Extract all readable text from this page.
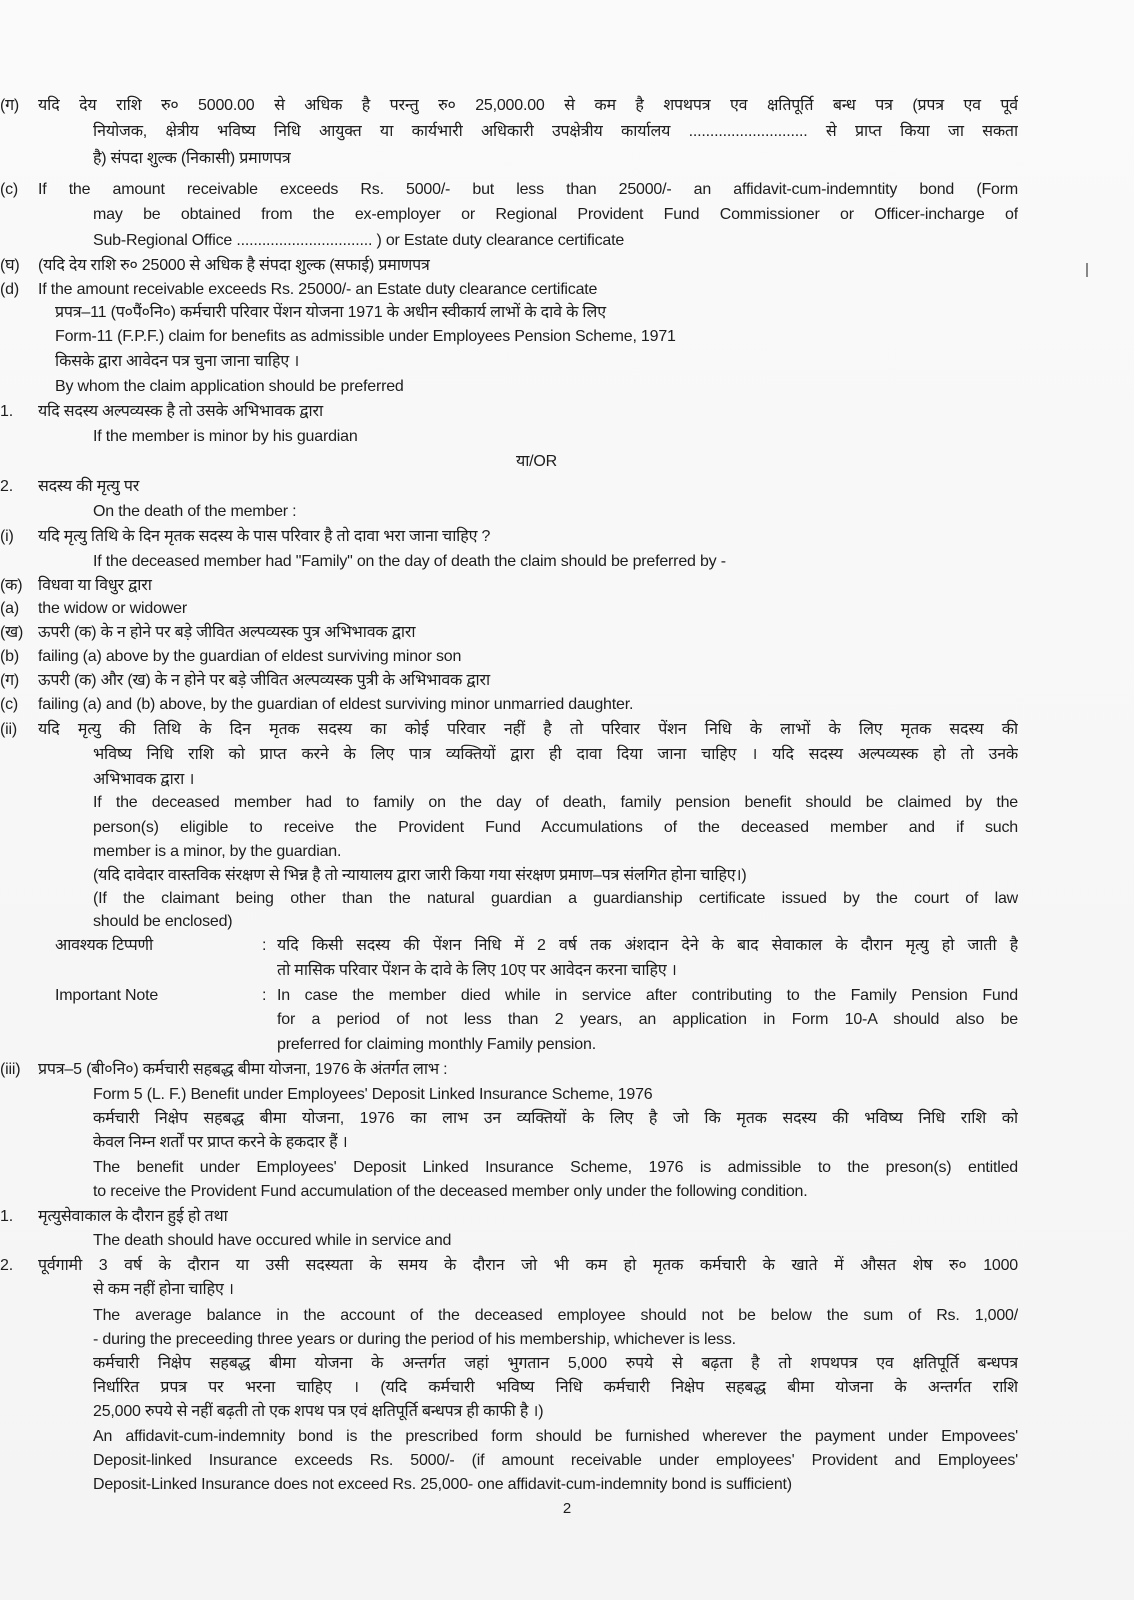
(ग) यदि देय राशि रु० 5000.00 से अधिक है परन्तु रु० 25,000.00 से कम है शपथपत्र एव क्षतिपूर्ति बन्ध पत्र (प्रपत्र एव पूर्व
नियोजक, क्षेत्रीय भविष्य निधि आयुक्त या कार्यभारी अधिकारी उपक्षेत्रीय कार्यालय ............................ से प्राप्त किया जा सकता
है) संपदा शुल्क (निकासी) प्रमाणपत्र
(c) If the amount receivable exceeds Rs. 5000/- but less than 25000/- an affidavit-cum-indemntity bond (Form
may be obtained from the ex-employer or Regional Provident Fund Commissioner or Officer-incharge of
Sub-Regional Office ................................ ) or Estate duty clearance certificate
(घ) (यदि देय राशि रु० 25000 से अधिक है संपदा शुल्क (सफाई) प्रमाणपत्र
(d) If the amount receivable exceeds Rs. 25000/- an Estate duty clearance certificate
प्रपत्र–11 (प०पैं०नि०) कर्मचारी परिवार पेंशन योजना 1971 के अधीन स्वीकार्य लाभों के दावे के लिए
Form-11 (F.P.F.) claim for benefits as admissible under Employees Pension Scheme, 1971
किसके द्वारा आवेदन पत्र चुना जाना चाहिए ।
By whom the claim application should be preferred
1. यदि सदस्य अल्पव्यस्क है तो उसके अभिभावक द्वारा
If the member is minor by his guardian
या/OR
2. सदस्य की मृत्यु पर
On the death of the member :
(i) यदि मृत्यु तिथि के दिन मृतक सदस्य के पास परिवार है तो दावा भरा जाना चाहिए ?
If the deceased member had "Family" on the day of death the claim should be preferred by -
(क) विधवा या विधुर द्वारा
(a) the widow or widower
(ख) ऊपरी (क) के न होने पर बड़े जीवित अल्पव्यस्क पुत्र अभिभावक द्वारा
(b) failing (a) above by the guardian of eldest surviving minor son
(ग) ऊपरी (क) और (ख) के न होने पर बड़े जीवित अल्पव्यस्क पुत्री के अभिभावक द्वारा
(c) failing (a) and (b) above, by the guardian of eldest surviving minor unmarried daughter.
(ii) यदि मृत्यु की तिथि के दिन मृतक सदस्य का कोई परिवार नहीं है तो परिवार पेंशन निधि के लाभों के लिए मृतक सदस्य की
भविष्य निधि राशि को प्राप्त करने के लिए पात्र व्यक्तियों द्वारा ही दावा दिया जाना चाहिए । यदि सदस्य अल्पव्यस्क हो तो उनके
अभिभावक द्वारा ।
If the deceased member had to family on the day of death, family pension benefit should be claimed by the
person(s) eligible to receive the Provident Fund Accumulations of the deceased member and if such
member is a minor, by the guardian.
(यदि दावेदार वास्तविक संरक्षण से भिन्न है तो न्यायालय द्वारा जारी किया गया संरक्षण प्रमाण–पत्र संलगित होना चाहिए।)
(If the claimant being other than the natural guardian a guardianship certificate issued by the court of law
should be enclosed)
आवश्यक टिप्पणी	: यदि किसी सदस्य की पेंशन निधि में 2 वर्ष तक अंशदान देने के बाद सेवाकाल के दौरान मृत्यु हो जाती है
तो मासिक परिवार पेंशन के दावे के लिए 10ए पर आवेदन करना चाहिए ।
Important Note	: In case the member died while in service after contributing to the Family Pension Fund
for a period of not less than 2 years, an application in Form 10-A should also be
preferred for claiming monthly Family pension.
(iii) प्रपत्र–5 (बी०नि०) कर्मचारी सहबद्ध बीमा योजना, 1976 के अंतर्गत लाभ :
Form 5 (L. F.) Benefit under Employees' Deposit Linked Insurance Scheme, 1976
कर्मचारी निक्षेप सहबद्ध बीमा योजना, 1976 का लाभ उन व्यक्तियों के लिए है जो कि मृतक सदस्य की भविष्य निधि राशि को
केवल निम्न शर्तों पर प्राप्त करने के हकदार हैं ।
The benefit under Employees' Deposit Linked Insurance Scheme, 1976 is admissible to the preson(s) entitled
to receive the Provident Fund accumulation of the deceased member only under the following condition.
1. मृत्युसेवाकाल के दौरान हुई हो तथा
The death should have occured while in service and
2. पूर्वगामी 3 वर्ष के दौरान या उसी सदस्यता के समय के दौरान जो भी कम हो मृतक कर्मचारी के खाते में औसत शेष रु० 1000
से कम नहीं होना चाहिए ।
The average balance in the account of the deceased employee should not be below the sum of Rs. 1,000/
- during the preceeding three years or during the period of his membership, whichever is less.
कर्मचारी निक्षेप सहबद्ध बीमा योजना के अन्तर्गत जहां भुगतान 5,000 रुपये से बढ़ता है तो शपथपत्र एव क्षतिपूर्ति बन्धपत्र
निर्धारित प्रपत्र पर भरना चाहिए । (यदि कर्मचारी भविष्य निधि कर्मचारी निक्षेप सहबद्ध बीमा योजना के अन्तर्गत राशि
25,000 रुपये से नहीं बढ़ती तो एक शपथ पत्र एवं क्षतिपूर्ति बन्धपत्र ही काफी है ।)
An affidavit-cum-indemnity bond is the prescribed form should be furnished wherever the payment under Empovees'
Deposit-linked Insurance exceeds Rs. 5000/- (if amount receivable under employees' Provident and Employees'
Deposit-Linked Insurance does not exceed Rs. 25,000- one affidavit-cum-indemnity bond is sufficient)
2
